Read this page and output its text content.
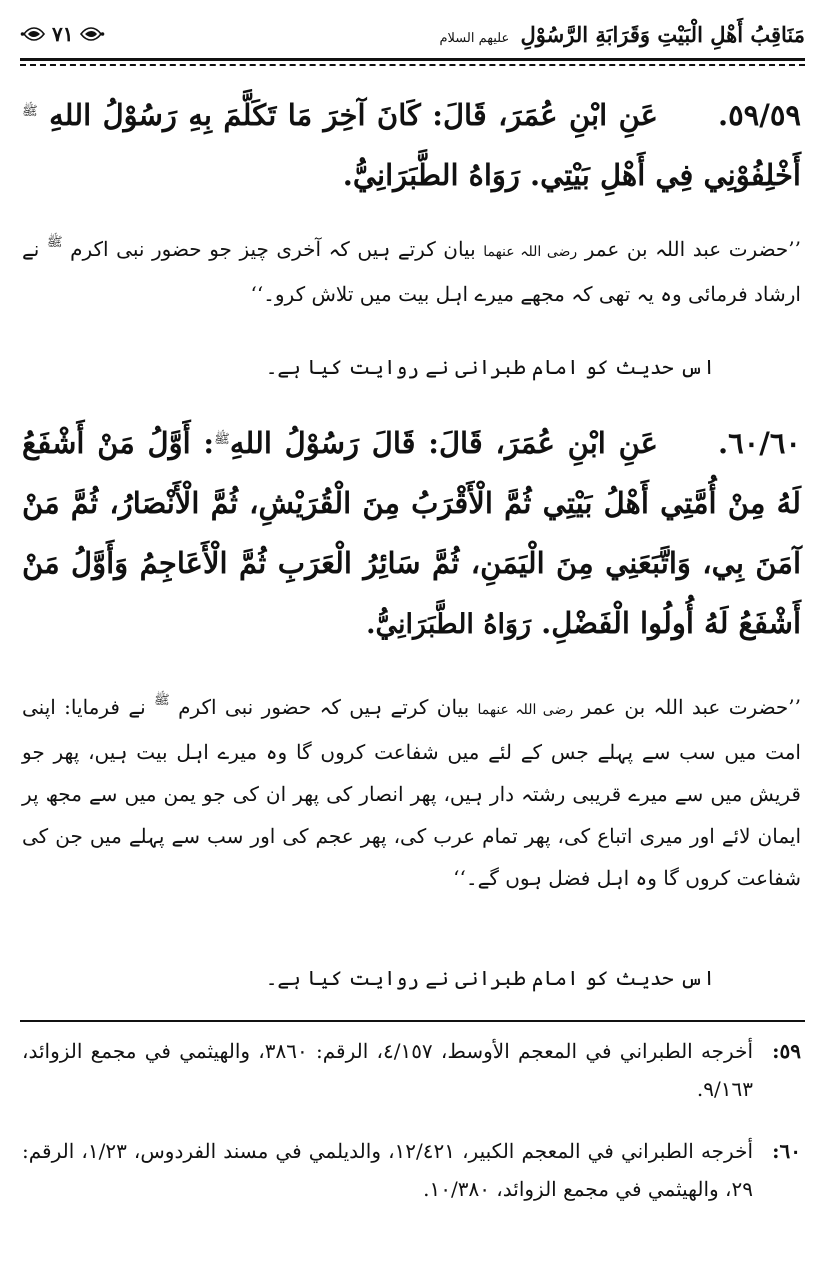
مَنَاقِبُ أَهْلِ الْبَيْتِ وَقَرَابَةِ الرَّسُوْلِ عليهم السلام
٧١
٥٩/٥٩.عَنِ ابْنِ عُمَرَ، قَالَ: كَانَ آخِرَ مَا تَكَلَّمَ بِهِ رَسُوْلُ اللهِ $^ﷺ$ أَخْلِفُوْنِي فِي أَهْلِ بَيْتِي. رَوَاهُ الطَّبَرَانِيُّ.
’’حضرت عبد اللہ بن عمر رضی اللہ عنھما بیان کرتے ہیں کہ آخری چیز جو حضور نبی اکرم $^ﷺ$ نے ارشاد فرمائی وہ یہ تھی کہ مجھے میرے اہل بیت میں تلاش کرو۔‘‘
اس حدیث کو امام طبرانی نے روایت کیا ہے۔
٦٠/٦٠.عَنِ ابْنِ عُمَرَ، قَالَ: قَالَ رَسُوْلُ اللهِ$^ﷺ$: أَوَّلُ مَنْ أَشْفَعُ لَهُ مِنْ أُمَّتِي أَهْلُ بَيْتِي ثُمَّ الْأَقْرَبُ مِنَ الْقُرَيْشِ، ثُمَّ الْأَنْصَارُ، ثُمَّ مَنْ آمَنَ بِي، وَاتَّبَعَنِي مِنَ الْيَمَنِ، ثُمَّ سَائِرُ الْعَرَبِ ثُمَّ الْأَعَاجِمُ وَأَوَّلُ مَنْ أَشْفَعُ لَهُ أُولُوا الْفَضْلِ. رَوَاهُ الطَّبَرَانِيُّ.
’’حضرت عبد اللہ بن عمر رضی اللہ عنھما بیان کرتے ہیں کہ حضور نبی اکرم $^ﷺ$ نے فرمایا: اپنی امت میں سب سے پہلے جس کے لئے میں شفاعت کروں گا وہ میرے اہل بیت ہیں، پھر جو قریش میں سے میرے قریبی رشتہ دار ہیں، پھر انصار کی پھر ان کی جو یمن میں سے مجھ پر ایمان لائے اور میری اتباع کی، پھر تمام عرب کی، پھر عجم کی اور سب سے پہلے میں جن کی شفاعت کروں گا وہ اہل فضل ہوں گے۔‘‘
اس حدیث کو امام طبرانی نے روایت کیا ہے۔
٥٩:
أخرجه الطبراني في المعجم الأوسط، ٤/١٥٧، الرقم: ٣٨٦٠، والهيثمي في مجمع الزوائد، ٩/١٦٣.
٦٠:
أخرجه الطبراني في المعجم الكبير، ١٢/٤٢١، والديلمي في مسند الفردوس، ١/٢٣، الرقم: ٢٩، والهيثمي في مجمع الزوائد، ١٠/٣٨٠.
